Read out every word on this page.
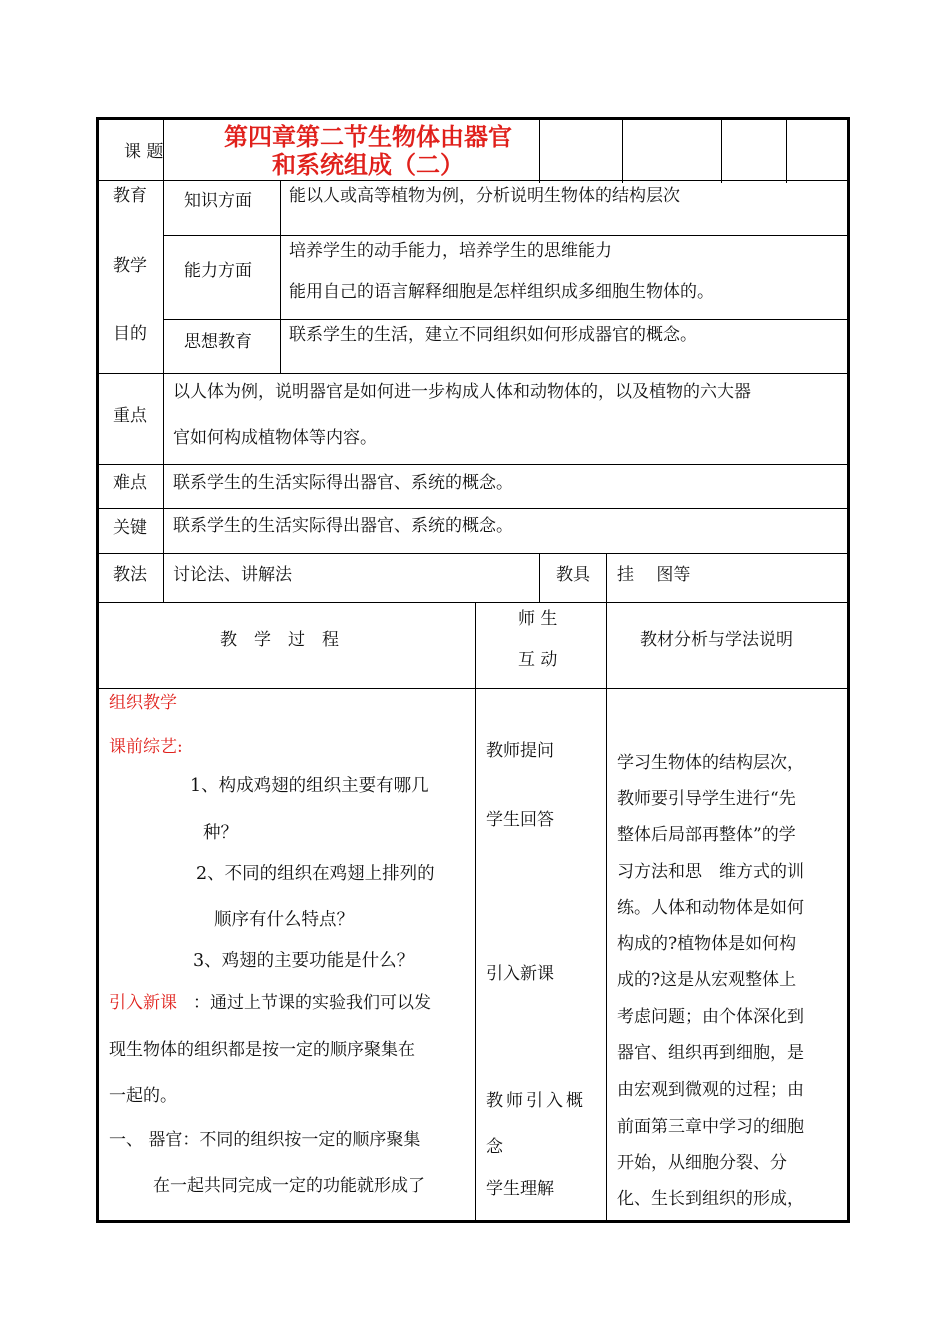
课 题
第四章第二节生物体由器官
和系统组成（二）
教育
教学
目的
知识方面 能以人或高等植物为例，分析说明生物体的结构层次
能力方面
培养学生的动手能力，培养学生的思维能力
能用自己的语言解释细胞是怎样组织成多细胞生物体的。
思想教育 联系学生的生活，建立不同组织如何形成器官的概念。
重点
以人体为例，说明器官是如何进一步构成人体和动物体的，以及植物的六大器
官如何构成植物体等内容。
难点 联系学生的生活实际得出器官、系统的概念。
关键 联系学生的生活实际得出器官、系统的概念。
教法 讨论法、讲解法	教具 挂　 图等
教　学　过　程
师 生
互 动
教材分析与学法说明
组织教学
课前综艺:
1、构成鸡翅的组织主要有哪几
种？
2、不同的组织在鸡翅上排列的
顺序有什么特点？
3、鸡翅的主要功能是什么？
引入新课 ：通过上节课的实验我们可以发
现生物体的组织都是按一定的顺序聚集在
一起的。
一、 器官：不同的组织按一定的顺序聚集
在一起共同完成一定的功能就形成了
教师提问
学生回答
引入新课
教师引入概
念
学生理解
学习生物体的结构层次，
教师要引导学生进行“先
整体后局部再整体”的学
习方法和思　维方式的训
练。人体和动物体是如何
构成的?植物体是如何构
成的?这是从宏观整体上
考虑问题；由个体深化到
器官、组织再到细胞，是
由宏观到微观的过程；由
前面第三章中学习的细胞
开始，从细胞分裂、分
化、生长到组织的形成，
